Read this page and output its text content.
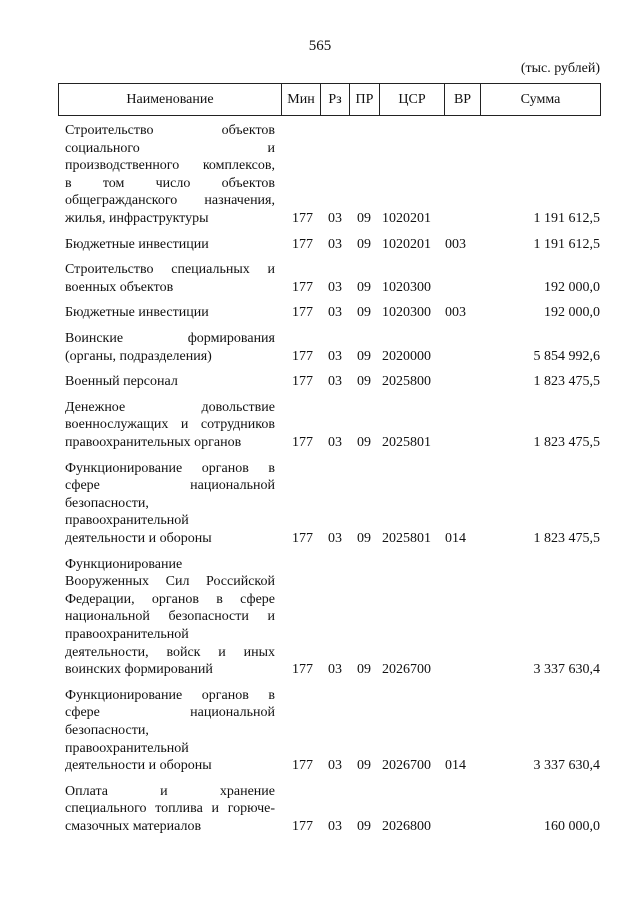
565
(тыс. рублей)
Наименование	Мин Рз ПР	ЦСР	ВР	Сумма
Строительство объектов
социального и
производственного комплексов,
в том число объектов
общегражданского назначения,
жилья, инфраструктуры	177 03 09 1020201	1 191 612,5
Бюджетные инвестиции	177 03 09 1020201 003	1 191 612,5
Строительство специальных и
военных объектов	177 03 09 1020300	192 000,0
Бюджетные инвестиции	177 03 09 1020300 003	192 000,0
Воинские формирования
(органы, подразделения)	177 03 09 2020000	5 854 992,6
Военный персонал	177 03 09 2025800	1 823 475,5
Денежное довольствие
военнослужащих и сотрудников
правоохранительных органов	177 03 09 2025801	1 823 475,5
Функционирование органов в
сфере национальной
безопасности,
правоохранительной
деятельности и обороны	177 03 09 2025801 014	1 823 475,5
Функционирование
Вооруженных Сил Российской
Федерации, органов в сфере
национальной безопасности и
правоохранительной
деятельности, войск и иных
воинских формирований	177 03 09 2026700	3 337 630,4
Функционирование органов в
сфере национальной
безопасности,
правоохранительной
деятельности и обороны	177 03 09 2026700 014	3 337 630,4
Оплата и хранение
специального топлива и горюче-
смазочных материалов	177 03 09 2026800	160 000,0
